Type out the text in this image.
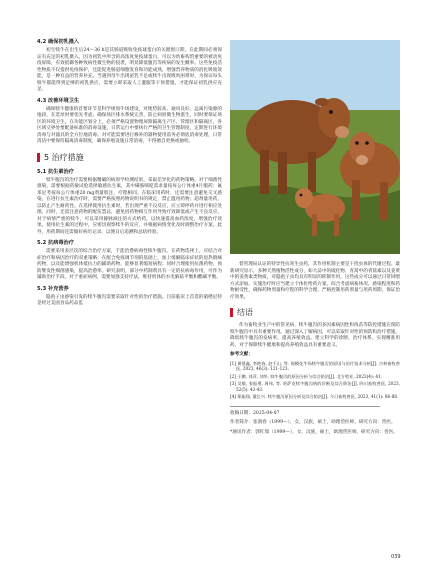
4.2 确保初乳摄入

初生犊牛在出生后24～36 h是其肠道吸收免疫球蛋白的关键窗口期，在此期间必须保证有充足的初乳摄入，因为初乳中所含的高浓度免疫球蛋白，可以为幼畜构筑重要的被动免疫屏障，有效抵御各种致病性微生物的侵袭，明显降低腹泻等疾病的发生概率。这些免疫活性物质不仅提供免疫保护，还能促进肠道细胞发育和功能成熟，增强营养物质的消化吸收效能，是一种有益的营养补充。当遇到母牛出现泌乳不足或犊牛出现吸吮困难时，为保证每头犊牛都能得到足够的初乳供应，需要立即采取人工灌服等干预措施，才能保证初乳供应充足。

4.3 改善环境卫生

确保犊牛健康的首要环节是科学规划牛场建设，对地势较高、通风良好、远离污染源的地段，在选址时要优先考虑，确保场区排水系统完善，防止病原微生物滋生，同时要保证场区的环境卫生。在功能区划分上，必须严格设置物理屏障隔离生产区、管理区和隔离区，各区域交界处要配备标准的消毒设施，日常运行中要执行严格的卫生管理制度，定期进行环境清毒与对器具的全方位地消毒。对可能需要进行修补的器物使用前务必彻底消毒处理，日常清洁中要保持隔离清毒制度，确保养殖设施日常消毒，不得擅自更换或抽检。

5 治疗措施
5.1 抗生素治疗

犊牛腹泻的治疗需要根据精确的病原学检测结果，采取差异化的药物策略。对于细菌性感染，需要根据药敏试验选择敏感抗生素，其中磺胺嘧啶需求量按每公斤体重4片服药；氟苯尼考按每公斤体重20 mg剂量肌注，疗程相同。在临床用药时，还需要注意避免交叉感染。在进行抗生素治疗时，需要严格按照药物说明书的规定，禁止滥用药物、超剂量用药，以防止产生耐药性。在选择使用抗生素时，若出现严重不良反应，应立即停药并进行相应处理。同时，还需注意药物的配伍禁忌，避免因药物相互作用导致疗效降低或产生不良反应。对于病情严重的犊牛，可以采用静脉滴注的方式给药，以快速提高血药浓度，增强治疗效果。使用抗生素的过程中，应密切观察犊牛的反应，并根据病情变化及时调整治疗方案。此外，用药期间还需做好病历记录，以便日后追溯和总结经验。

5.2 抗病毒治疗

需要采用多层次的综合治疗方案，千能治愈病毒性犊牛腹泻。在药物选择上，应结合对症治疗和病因治疗的双重策略：在配合免疫调节剂的基础上，加上缓解临床症状的退热镇痛药物，以及能增强机体抵抗力的辅助药物，能够显著缩短病程；同时合理使用抗菌药物，预防继发性细菌感染，提高治愈率。研究表明，部分中药制剂具有一定的抗病毒作用，可作为辅助治疗手段。对于重症病例，需要加强支持疗法，维持机体的水电解质平衡和酸碱平衡。

5.3 补充营养

隐孢子虫感染引发的犊牛腹泻需要采取针对性的治疗措施。目前临床上首选的硝唑尼特是经过美国食品药品监

督管理局认证的特异性抗寄生虫药，其作用机制主要是干扰虫体的代谢过程。最新研究显示，多种天然植物活性成分，如大蒜中的硫化物、青蒿中的青蒿素以及姜黄中的姜黄素类物质，对隐孢子虫均具有明显的抑制作用，这些成分可以通过日常饲喂方式添加。实施治疗时应当建立个体化给药方案，综合考虑病畜体况、感染程度和药物耐受性，确保药物剂量和疗程的科学合理，严格控制用药剂量与用药周期，保证治疗效果。

结语

作为畜牧业生产中的常见病，犊牛腹泻的多因素病因性和疫苗等防控措施在预防犊牛腹泻中具有重要作用。通过深入了解病因，可以采取针对性的预防和治疗措施，降低犊牛腹泻的发病率，提高养殖效益。建立科学的诊断、治疗体系，实现精准用药，对于保障犊牛健康和提高养殖效益具有重要意义。

参考文献：

[1] 黄建鑫, 李艳春, 赵千山, 等. 规模化牛场犊牛腹泻的原因与治疗技术分析[J]. 吉林畜牧兽医, 2023, 46(3): 121-123.

[2] 于鹏, 刘萍, 刘华. 犊牛腹泻的原因分析与综合防治[J]. 北方牧业, 2023(4): 41.

[3] 吴敏, 张振勇, 周伟, 等. 哈萨克犊牛腹泻病的诊断及综合防治[J]. 四川畜牧兽医, 2023, 52(5): 42-43.

[4] 郑振翔, 董长兴. 犊牛腹泻原因分析及综合防治[J]. 今日畜牧兽医, 2023, 41(1): 86-88.

收稿日期：2025-04-07

作者简介：张润春（1999—），女，汉族，硕士，助理兽医师，研究方向：兽医。

*通讯作者：郭红瑞（1999—），女，汉族，硕士，助理兽医师，研究方向：兽医。

039
